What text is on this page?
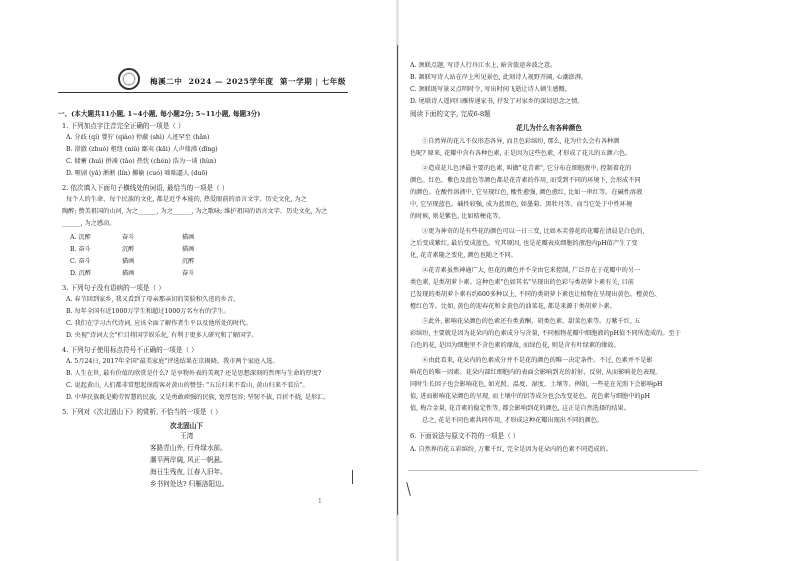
梅溪二中 2024 — 2025学年度 第一学期 | 七年级
一、(本大题共11小题, 1~4小题, 每小题2分; 5~11小题, 每题3分)
1. 下列加点字注音完全正确的一项是（ ）
A. 分歧 (qí) 婴狞 (qiào) 停蔽 (shì) 人迹罕至 (hǎn)
B. 澄澈 (zhuó) 枢纽 (niǔ) 鄙夷 (kāi) 人声鼎沸 (dǐng)
C. 储蓄 (huì) 拼凑 (tāo) 热忱 (chén) 浩为一谈 (hùn)
D. 哑剧 (yǎ) 淅淅 (lín) 揶揄 (cuó) 咄咄逼人 (duō)
2. 依次填入下面句子横线处的词语, 最恰当的一项是（ ）
每个人的生命、每个民族的文化, 都是近乎本能的, 热爱眼前的语言文字、历史文化, 为之
陶醉; 赞美祖国的山河, 为之______, 为之______, 为之歌咏; 维护祖国的语言文字、历史文化, 为之
______, 为之感动。
A. 沉醉	奋斗	描画
B. 奋斗	沉醉	描画
C. 奋斗	描画	沉醉
D. 沉醉	描画	奋斗
3. 下列句子没有语病的一项是（ ）
A. 春节回到家乡, 我又看到了母亲那亲切的笑脸和久违的乡音。
B. 每年全国有近1000万学生和超过1000万名左右的学生。
C. 我们在学习古代诗词, 应该全面了解作者生平以及他所处的时代。
D. 央视"诗词大会"栏目将国学娱乐化, 有利于更多人研究和了解国学。
4. 下列句子使用标点符号不正确的一项是（ ）
A. 5月24日, 2017年全国"最美家庭"评选结果在京揭晓。我市两个家庭入选。
B. 人生在世, 最有价值的欣赏是什么? 是享物外表的美观? 还是思想深刻的哲理与生命的厚度?
C. 说起黄山, 人们都非常想起徐霞客对黄山的赞誉: "五岳归来不看山, 黄山归来不看岳"。
D. 中华民族既是勤劳智慧的民族, 又是勇敢顽强的民族, 宽厚包容; 坚韧不拔, 百折不挠, 是形汇。
5. 下列对《次北固山下》的赏析, 不恰当的一项是（ ）
次北固山下
王湾
客路青山外, 行舟绿水前。
潮平两岸阔, 风正一帆悬。
海日生残夜, 江春入旧年。
乡书何处达? 归雁洛阳边。
1
A. 颈联点题, 写诗人行舟江水上, 暗含旅途奔波之意。
B. 颔联写诗人站在岸上所见景色, 此刻诗人视野开阔, 心潮澎湃。
C. 颈联既写景又点明时令, 写出时间飞逝让诗人顿生感慨。
D. 尾联诗人遥问归雁传递家书, 抒发了对家乡的深切思念之情。
阅读下面的文字, 完成6-8题
花儿为什么有各种颜色
①自然界的花儿不仅形态各异, 而且色彩缤纷, 那么, 花为什么会有各种颜
色呢? 原来, 花瓣中含有各种色素, 正是因为这些色素, 才形成了花儿的五颜六色。
②造成花儿色泽最主要的色素, 叫做"花青素", 它分布在细胞液中, 控制着花的
颜色。红色、紫色及蓝色等颜色都是花青素的作用, 而受到不同的环境下, 会形成不同
的颜色。在酸性溶液中, 它呈现红色, 酸性愈强, 颜色愈红, 比如一串红等。在碱性溶液
中, 它呈现蓝色。碱性较强, 成为蓝黑色, 如墨菊、黑牡丹等。而当它处于中性环境
的时候, 则是紫色, 比如桔梗花等。
③更为神奇的是有些花的颜色可以一日三变, 比如木芙蓉花的花瓣在清晨是白色的,
之后变成紫红, 最后变成蓝色。究其原因, 也是花瓣表皮细胞的液泡内pH值产生了变
化, 花青素随之变化, 颜色也随之不同。
④花青素虽然神通广大, 但花的颜色并不全由它来控制, 广泛存在于花瓣中的另一
类色素, 是类胡萝卜素。这种色素"色如其名"呈现出的色彩与类胡萝卜素有关, 目前
已发现的类胡萝卜素有约600多种以上, 不同的类胡萝卜素也让植物在呈现出黄色、橙黄色、
橙红色等。比如, 黄色的迎春花和金黄色的油菜花, 都是来源于类胡萝卜素。
⑤此外, 影响花朵颜色的色素还有类黄酮、胡类色素、甜菜色素等。万紫千红, 五
彩缤纷, 主要就是因为花朵内的色素成分与含量, 不同植物花瓣中细胞液的pH值不同所造成的。至于
白色的花, 是因为细胞里不含色素的缘故, 而绿色花, 则是含有叶绿素的缘故。
⑥由此看来, 花朵内的色素成分并不是花的颜色的唯一决定条件。不过, 色素并不是影
响花色的唯一因素。花朵内部红细胞内的表面会影响到光的折射、反射, 从而影响花色表现。
同时生长因子也会影响花色, 如光照、温度、湿度、土壤等。例如, 一些花在光照下会影响pH
值, 进而影响花朵颜色的呈现, 而土壤中的铝等成分也会改变花色。花色素与细胞中的pH
值, 梅合金量, 花青素的稳定性等, 都会影响到花的颜色, 这正是自然选择的结果。
总之, 花是不同色素共同作用, 才形成这种花瓣出现出不同的颜色。
6. 下面说法与原文不符的一项是（ ）
A. 自然界的花五彩缤纷, 万紫千红, 完全是因为花朵内的色素不同造成的。
